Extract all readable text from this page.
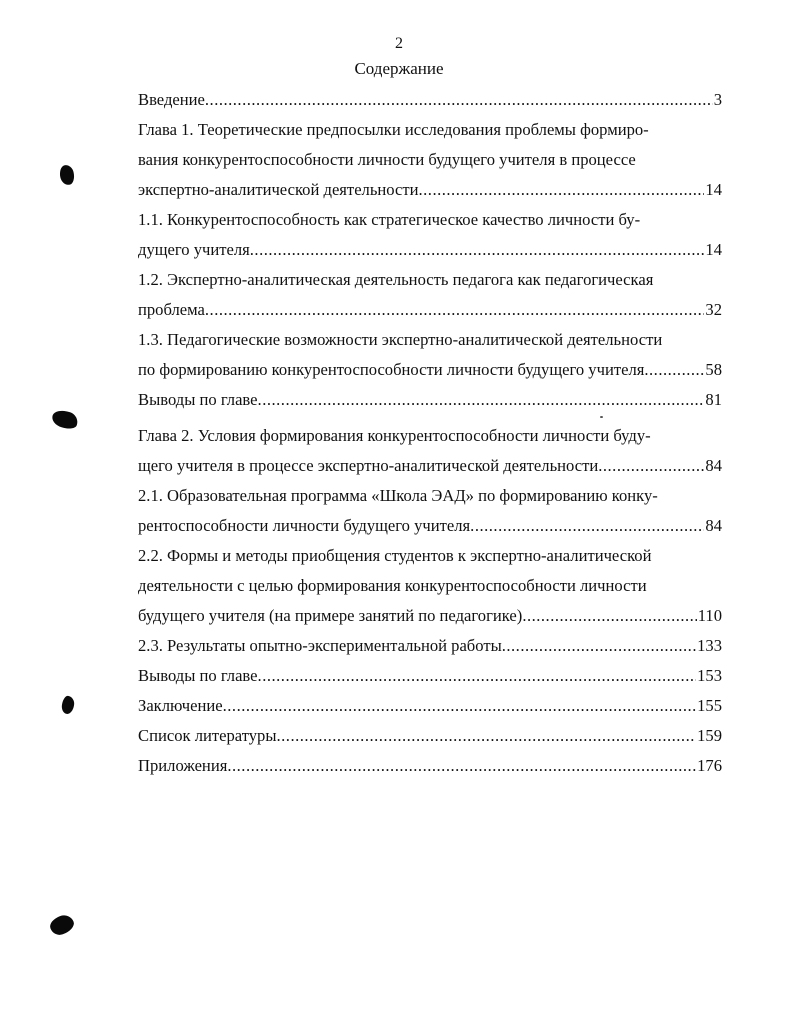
2
Содержание
Введение .....	3
Глава 1. Теоретические предпосылки исследования проблемы формиро-
вания конкурентоспособности личности будущего учителя в процессе
экспертно-аналитической деятельности .....	14
1.1. Конкурентоспособность как стратегическое качество личности бу-
дущего учителя .....	14
1.2. Экспертно-аналитическая деятельность педагога как педагогическая
проблема .....	32
1.3. Педагогические возможности экспертно-аналитической деятельности
по формированию конкурентоспособности личности будущего учителя .....	58
Выводы по главе .....	81
Глава 2. Условия формирования конкурентоспособности личности буду-
щего учителя в процессе экспертно-аналитической деятельности .....	84
2.1. Образовательная программа «Школа ЭАД» по формированию конку-
рентоспособности личности будущего учителя .....	84
2.2. Формы и методы приобщения студентов к экспертно-аналитической
деятельности с целью формирования конкурентоспособности личности
будущего учителя (на примере занятий по педагогике) .....	110
2.3. Результаты опытно-экспериментальной работы .....	133
Выводы по главе .....	153
Заключение .....	155
Список литературы .....	159
Приложения .....	176
